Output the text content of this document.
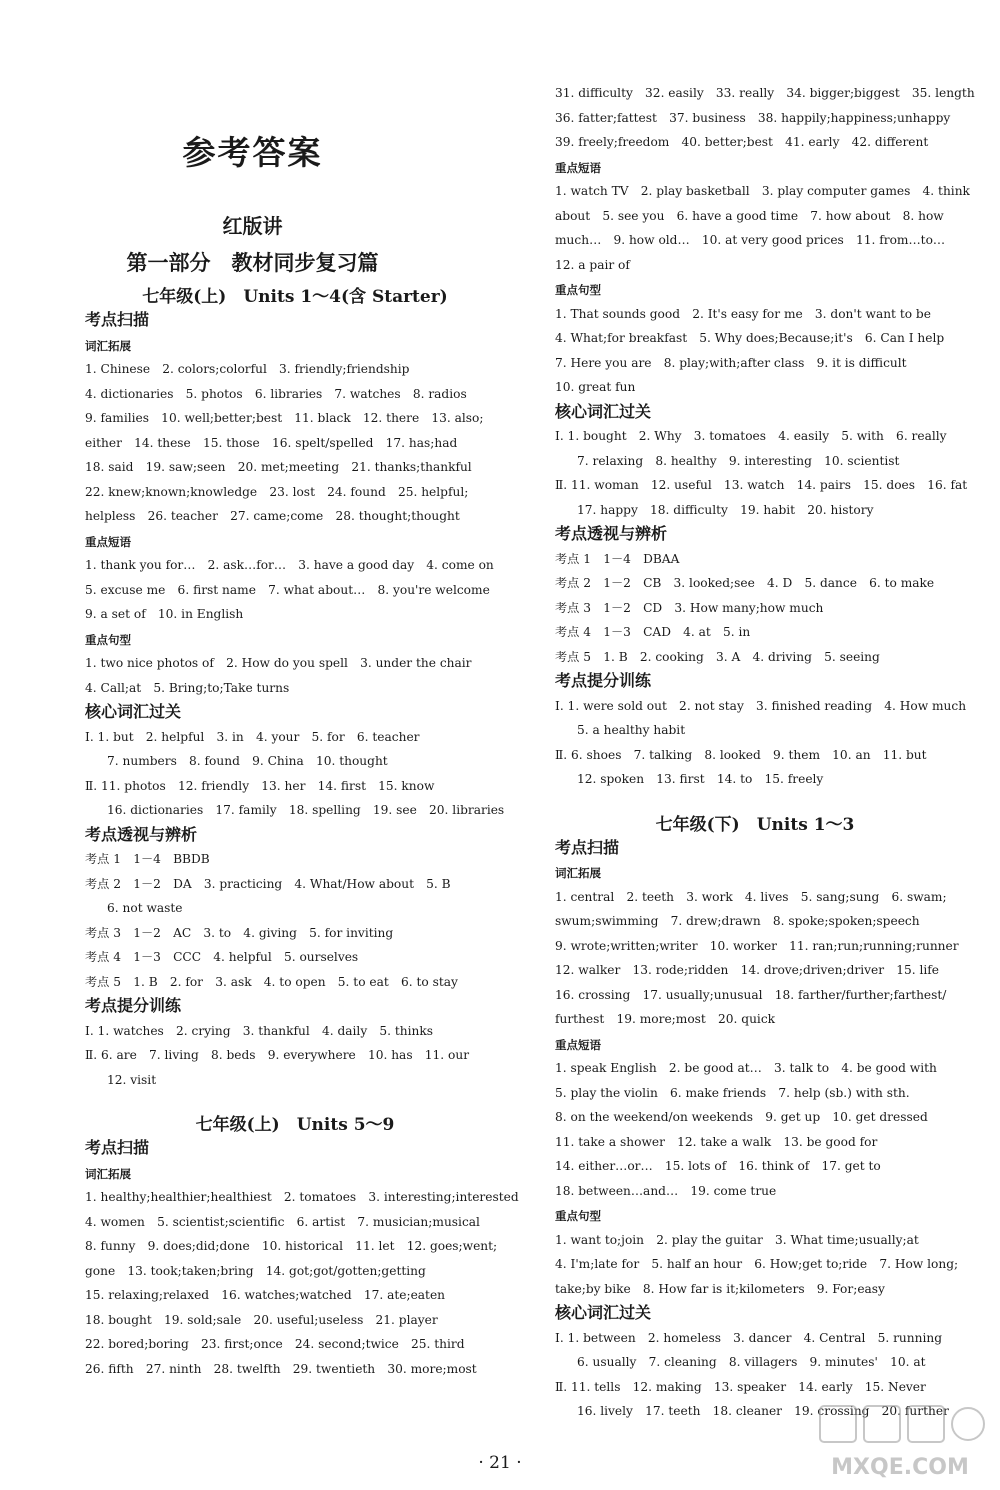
参考答案
红版讲
第一部分　教材同步复习篇
七年级(上)　Units 1～4(含 Starter)
考点扫描
词汇拓展
1. Chinese　2. colors;colorful　3. friendly;friendship
4. dictionaries　5. photos　6. libraries　7. watches　8. radios
9. families　10. well;better;best　11. black　12. there　13. also;
either　14. these　15. those　16. spelt/spelled　17. has;had
18. said　19. saw;seen　20. met;meeting　21. thanks;thankful
22. knew;known;knowledge　23. lost　24. found　25. helpful;
helpless　26. teacher　27. came;come　28. thought;thought
重点短语
1. thank you for…　2. ask…for…　3. have a good day　4. come on
5. excuse me　6. first name　7. what about…　8. you're welcome
9. a set of　10. in English
重点句型
1. two nice photos of　2. How do you spell　3. under the chair
4. Call;at　5. Bring;to;Take turns
核心词汇过关
Ⅰ. 1. but　2. helpful　3. in　4. your　5. for　6. teacher
7. numbers　8. found　9. China　10. thought
Ⅱ. 11. photos　12. friendly　13. her　14. first　15. know
16. dictionaries　17. family　18. spelling　19. see　20. libraries
考点透视与辨析
考点 1　1－4　BBDB
考点 2　1－2　DA　3. practicing　4. What/How about　5. B
6. not waste
考点 3　1－2　AC　3. to　4. giving　5. for inviting
考点 4　1－3　CCC　4. helpful　5. ourselves
考点 5　1. B　2. for　3. ask　4. to open　5. to eat　6. to stay
考点提分训练
Ⅰ. 1. watches　2. crying　3. thankful　4. daily　5. thinks
Ⅱ. 6. are　7. living　8. beds　9. everywhere　10. has　11. our
12. visit
七年级(上)　Units 5～9
考点扫描
词汇拓展
1. healthy;healthier;healthiest　2. tomatoes　3. interesting;interested
4. women　5. scientist;scientific　6. artist　7. musician;musical
8. funny　9. does;did;done　10. historical　11. let　12. goes;went;
gone　13. took;taken;bring　14. got;got/gotten;getting
15. relaxing;relaxed　16. watches;watched　17. ate;eaten
18. bought　19. sold;sale　20. useful;useless　21. player
22. bored;boring　23. first;once　24. second;twice　25. third
26. fifth　27. ninth　28. twelfth　29. twentieth　30. more;most
31. difficulty　32. easily　33. really　34. bigger;biggest　35. length
36. fatter;fattest　37. business　38. happily;happiness;unhappy
39. freely;freedom　40. better;best　41. early　42. different
重点短语
1. watch TV　2. play basketball　3. play computer games　4. think
about　5. see you　6. have a good time　7. how about　8. how
much…　9. how old…　10. at very good prices　11. from…to…
12. a pair of
重点句型
1. That sounds good　2. It's easy for me　3. don't want to be
4. What;for breakfast　5. Why does;Because;it's　6. Can I help
7. Here you are　8. play;with;after class　9. it is difficult
10. great fun
核心词汇过关
Ⅰ. 1. bought　2. Why　3. tomatoes　4. easily　5. with　6. really
7. relaxing　8. healthy　9. interesting　10. scientist
Ⅱ. 11. woman　12. useful　13. watch　14. pairs　15. does　16. fat
17. happy　18. difficulty　19. habit　20. history
考点透视与辨析
考点 1　1－4　DBAA
考点 2　1－2　CB　3. looked;see　4. D　5. dance　6. to make
考点 3　1－2　CD　3. How many;how much
考点 4　1－3　CAD　4. at　5. in
考点 5　1. B　2. cooking　3. A　4. driving　5. seeing
考点提分训练
Ⅰ. 1. were sold out　2. not stay　3. finished reading　4. How much
5. a healthy habit
Ⅱ. 6. shoes　7. talking　8. looked　9. them　10. an　11. but
12. spoken　13. first　14. to　15. freely
七年级(下)　Units 1～3
考点扫描
词汇拓展
1. central　2. teeth　3. work　4. lives　5. sang;sung　6. swam;
swum;swimming　7. drew;drawn　8. spoke;spoken;speech
9. wrote;written;writer　10. worker　11. ran;run;running;runner
12. walker　13. rode;ridden　14. drove;driven;driver　15. life
16. crossing　17. usually;unusual　18. farther/further;farthest/
furthest　19. more;most　20. quick
重点短语
1. speak English　2. be good at…　3. talk to　4. be good with
5. play the violin　6. make friends　7. help (sb.) with sth.
8. on the weekend/on weekends　9. get up　10. get dressed
11. take a shower　12. take a walk　13. be good for
14. either…or…　15. lots of　16. think of　17. get to
18. between…and…　19. come true
重点句型
1. want to;join　2. play the guitar　3. What time;usually;at
4. I'm;late for　5. half an hour　6. How;get to;ride　7. How long;
take;by bike　8. How far is it;kilometers　9. For;easy
核心词汇过关
Ⅰ. 1. between　2. homeless　3. dancer　4. Central　5. running
6. usually　7. cleaning　8. villagers　9. minutes'　10. at
Ⅱ. 11. tells　12. making　13. speaker　14. early　15. Never
16. lively　17. teeth　18. cleaner　19. crossing　20. further
· 21 ·	MXQE.COM
